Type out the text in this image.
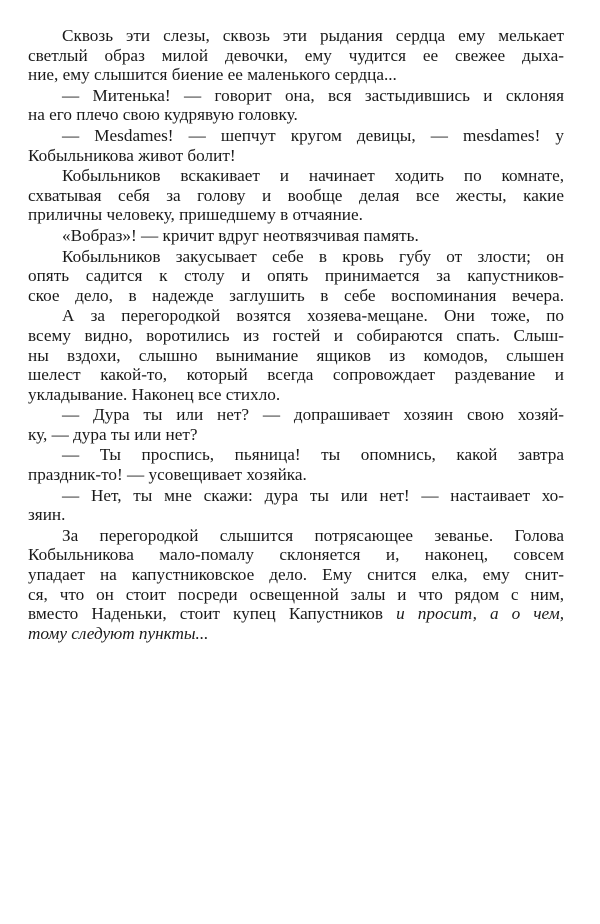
Сквозь эти слезы, сквозь эти рыдания сердца ему мелькает
светлый образ милой девочки, ему чудится ее свежее дыха-
ние, ему слышится биение ее маленького сердца...

— Митенька! — говорит она, вся застыдившись и склоняя
на его плечо свою кудрявую головку.

— Mesdames! — шепчут кругом девицы, — mesdames! у
Кобыльникова живот болит!

Кобыльников вскакивает и начинает ходить по комнате,
схватывая себя за голову и вообще делая все жесты, какие
приличны человеку, пришедшему в отчаяние.

«Вобраз»! — кричит вдруг неотвязчивая память.

Кобыльников закусывает себе в кровь губу от злости; он
опять садится к столу и опять принимается за капустников-
ское дело, в надежде заглушить в себе воспоминания вечера.

А за перегородкой возятся хозяева-мещане. Они тоже, по
всему видно, воротились из гостей и собираются спать. Слыш-
ны вздохи, слышно вынимание ящиков из комодов, слышен
шелест какой-то, который всегда сопровождает раздевание и
укладывание. Наконец все стихло.

— Дура ты или нет? — допрашивает хозяин свою хозяй-
ку, — дура ты или нет?

— Ты проспись, пьяница! ты опомнись, какой завтра
праздник-то! — усовещивает хозяйка.

— Нет, ты мне скажи: дура ты или нет! — настаивает хо-
зяин.

За перегородкой слышится потрясающее зеванье. Голова
Кобыльникова мало-помалу склоняется и, наконец, совсем
упадает на капустниковское дело. Ему снится елка, ему снит-
ся, что он стоит посреди освещенной залы и что рядом с ним,
вместо Наденьки, стоит купец Капустников и просит, а о чем,
тому следуют пункты...
